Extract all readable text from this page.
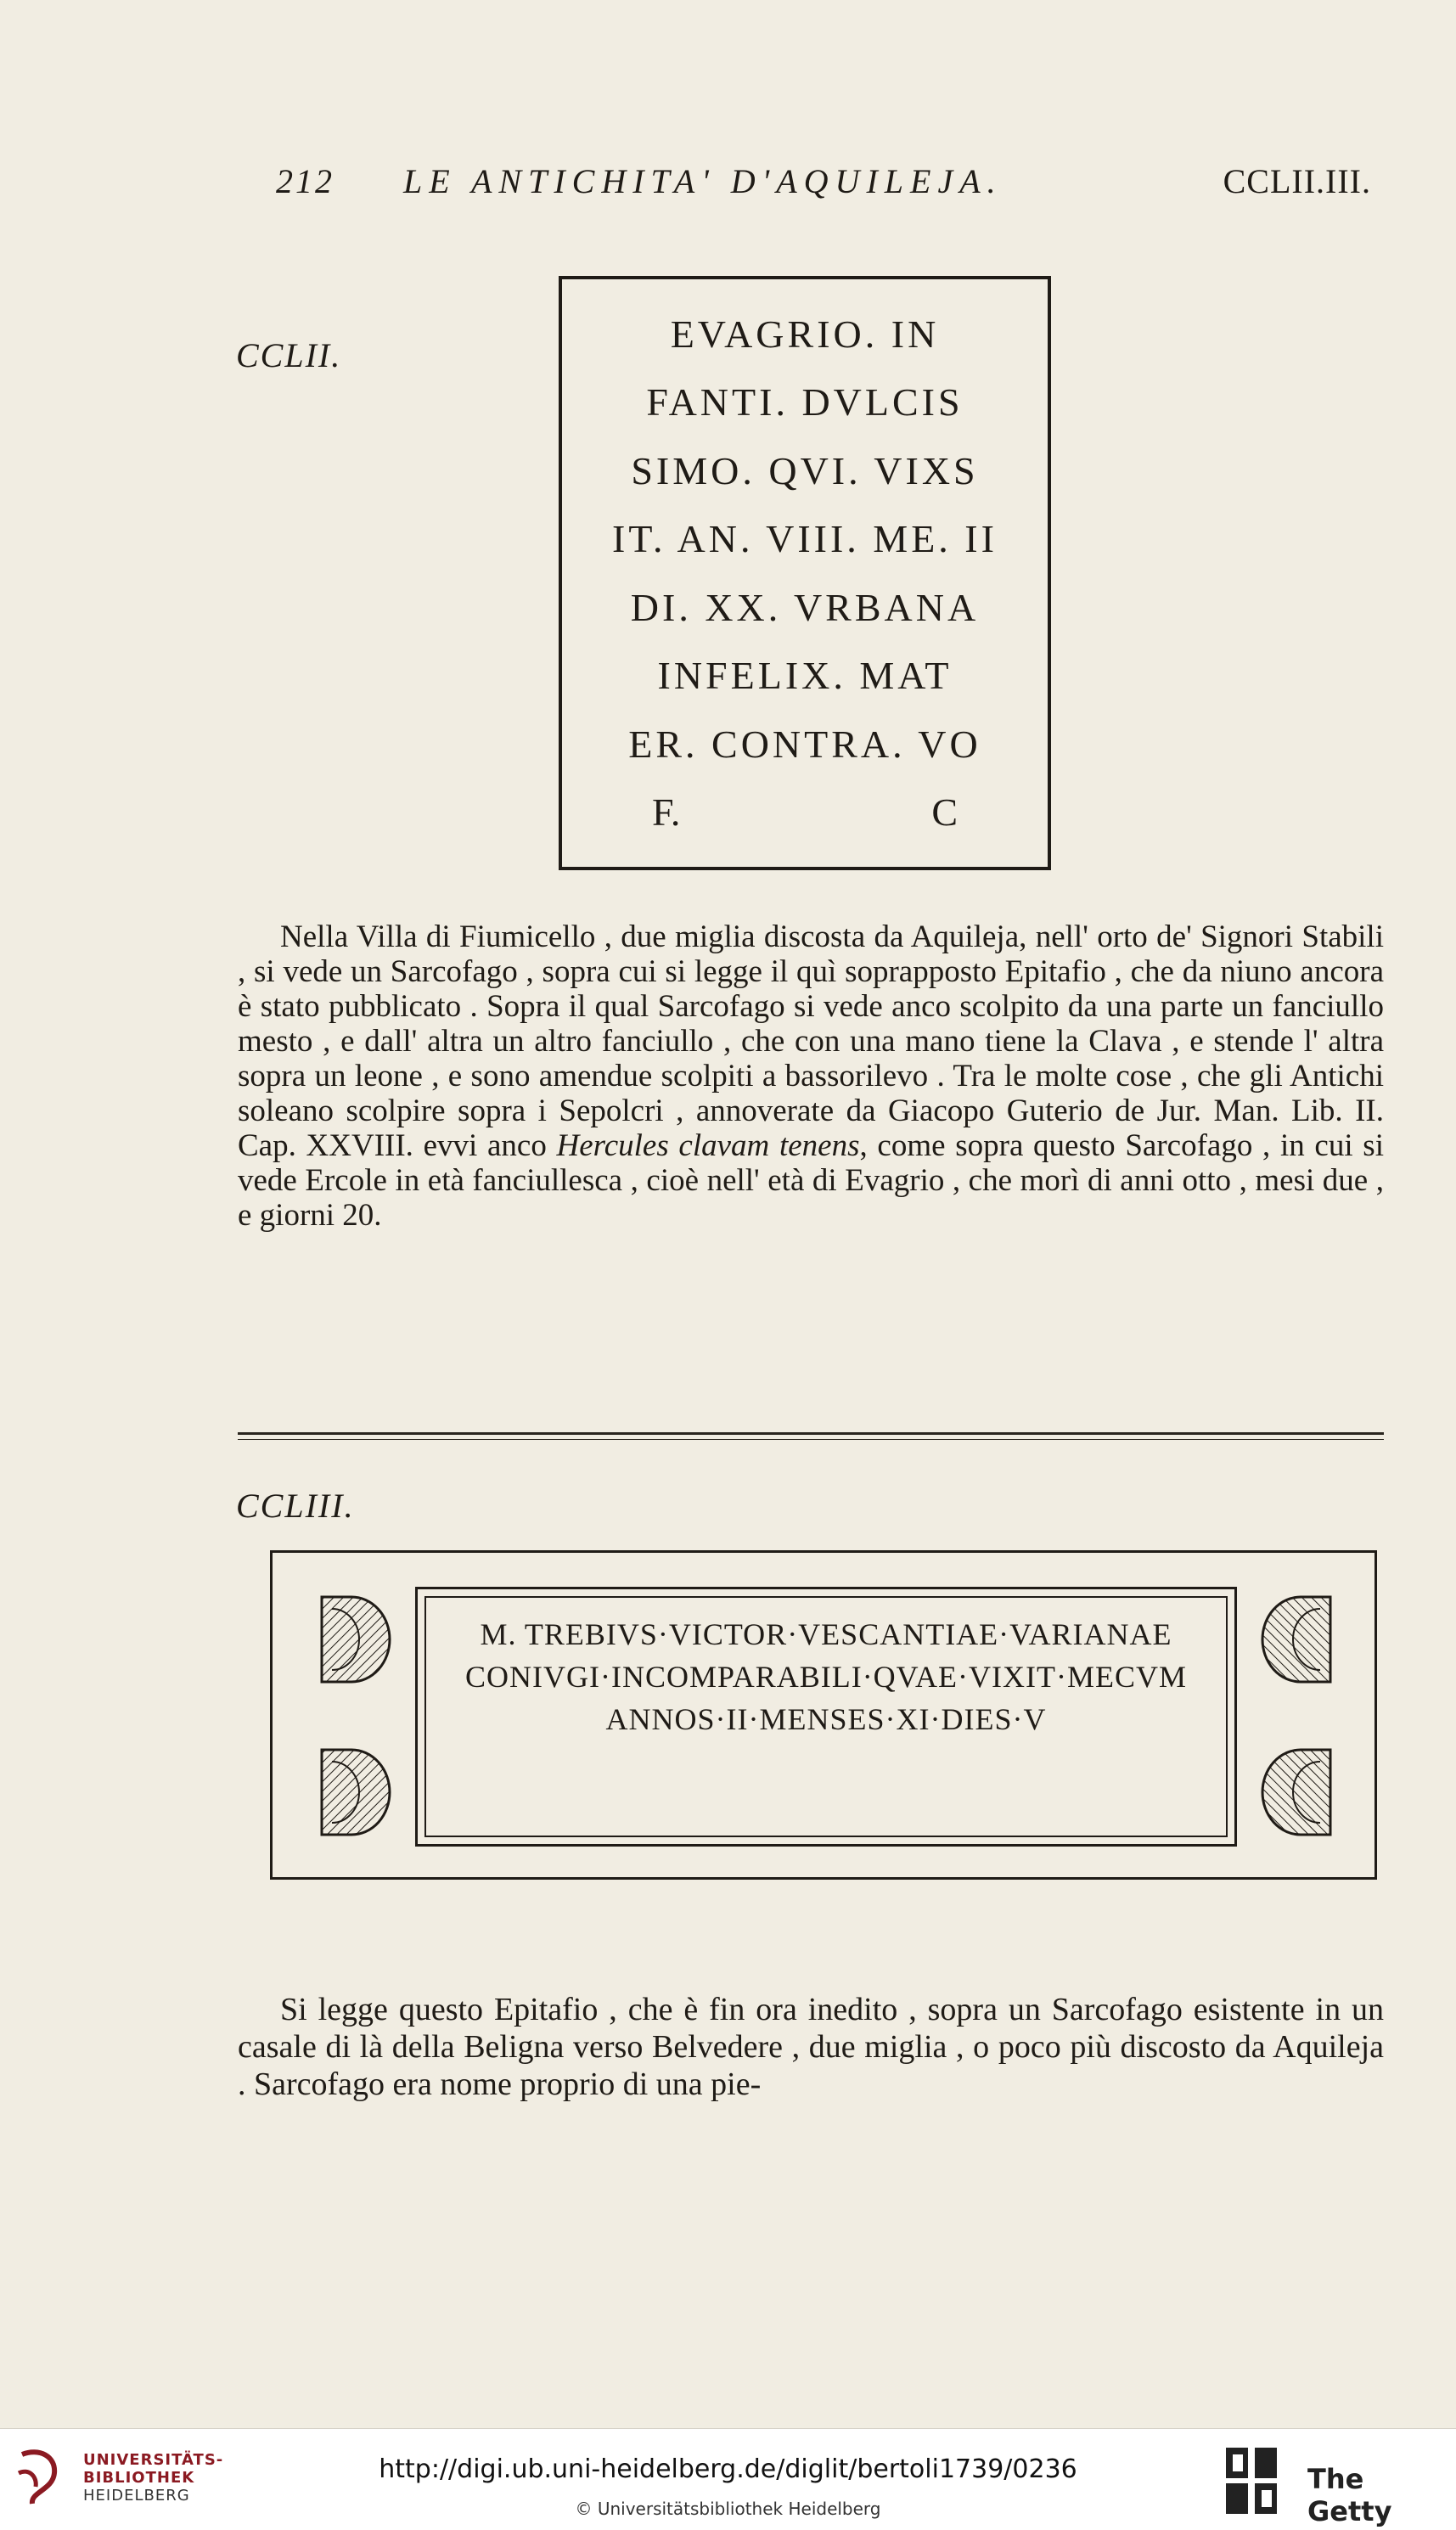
212	LE ANTICHITA' D'AQUILEJA.	CCLII.III.
CCLII.	EVAGRIO. IN
FANTI. DVLCIS
SIMO. QVI. VIXS
IT. AN. VIII. ME. II
DI. XX. VRBANA
INFELIX. MAT
ER. CONTRA. VO
F.	C
Nella Villa di Fiumicello , due miglia discosta da Aquileja, nell' orto de' Signori Stabili , si vede un Sarcofago , sopra cui si legge il quì soprapposto Epitafio , che da niuno ancora è stato pubblicato . Sopra il qual Sarcofago si vede anco scolpito da una parte un fanciullo mesto , e dall' altra un altro fanciullo , che con una mano tiene la Clava , e stende l' altra sopra un leone , e sono amendue scolpiti a bassorilevo . Tra le molte cose , che gli Antichi soleano scolpire sopra i Sepolcri , annoverate da Giacopo Guterio de Jur. Man. Lib. II. Cap. XXVIII. evvi anco Hercules clavam tenens, come sopra questo Sarcofago , in cui si vede Ercole in età fanciullesca , cioè nell' età di Evagrio , che morì di anni otto , mesi due , e giorni 20.
CCLIII.
M. TREBIVS·VICTOR·VESCANTIAE·VARIANAE
CONIVGI·INCOMPARABILI·QVAE·VIXIT·MECVM
ANNOS·II·MENSES·XI·DIES·V
Si legge questo Epitafio , che è fin ora inedito , sopra un Sarcofago esistente in un casale di là della Beligna verso Belvedere , due miglia , o poco più discosto da Aquileja . Sarcofago era nome proprio di una pie-
UNIVERSITÄTS-
BIBLIOTHEK
HEIDELBERG
http://digi.ub.uni-heidelberg.de/diglit/bertoli1739/0236
© Universitätsbibliothek Heidelberg
The Getty
